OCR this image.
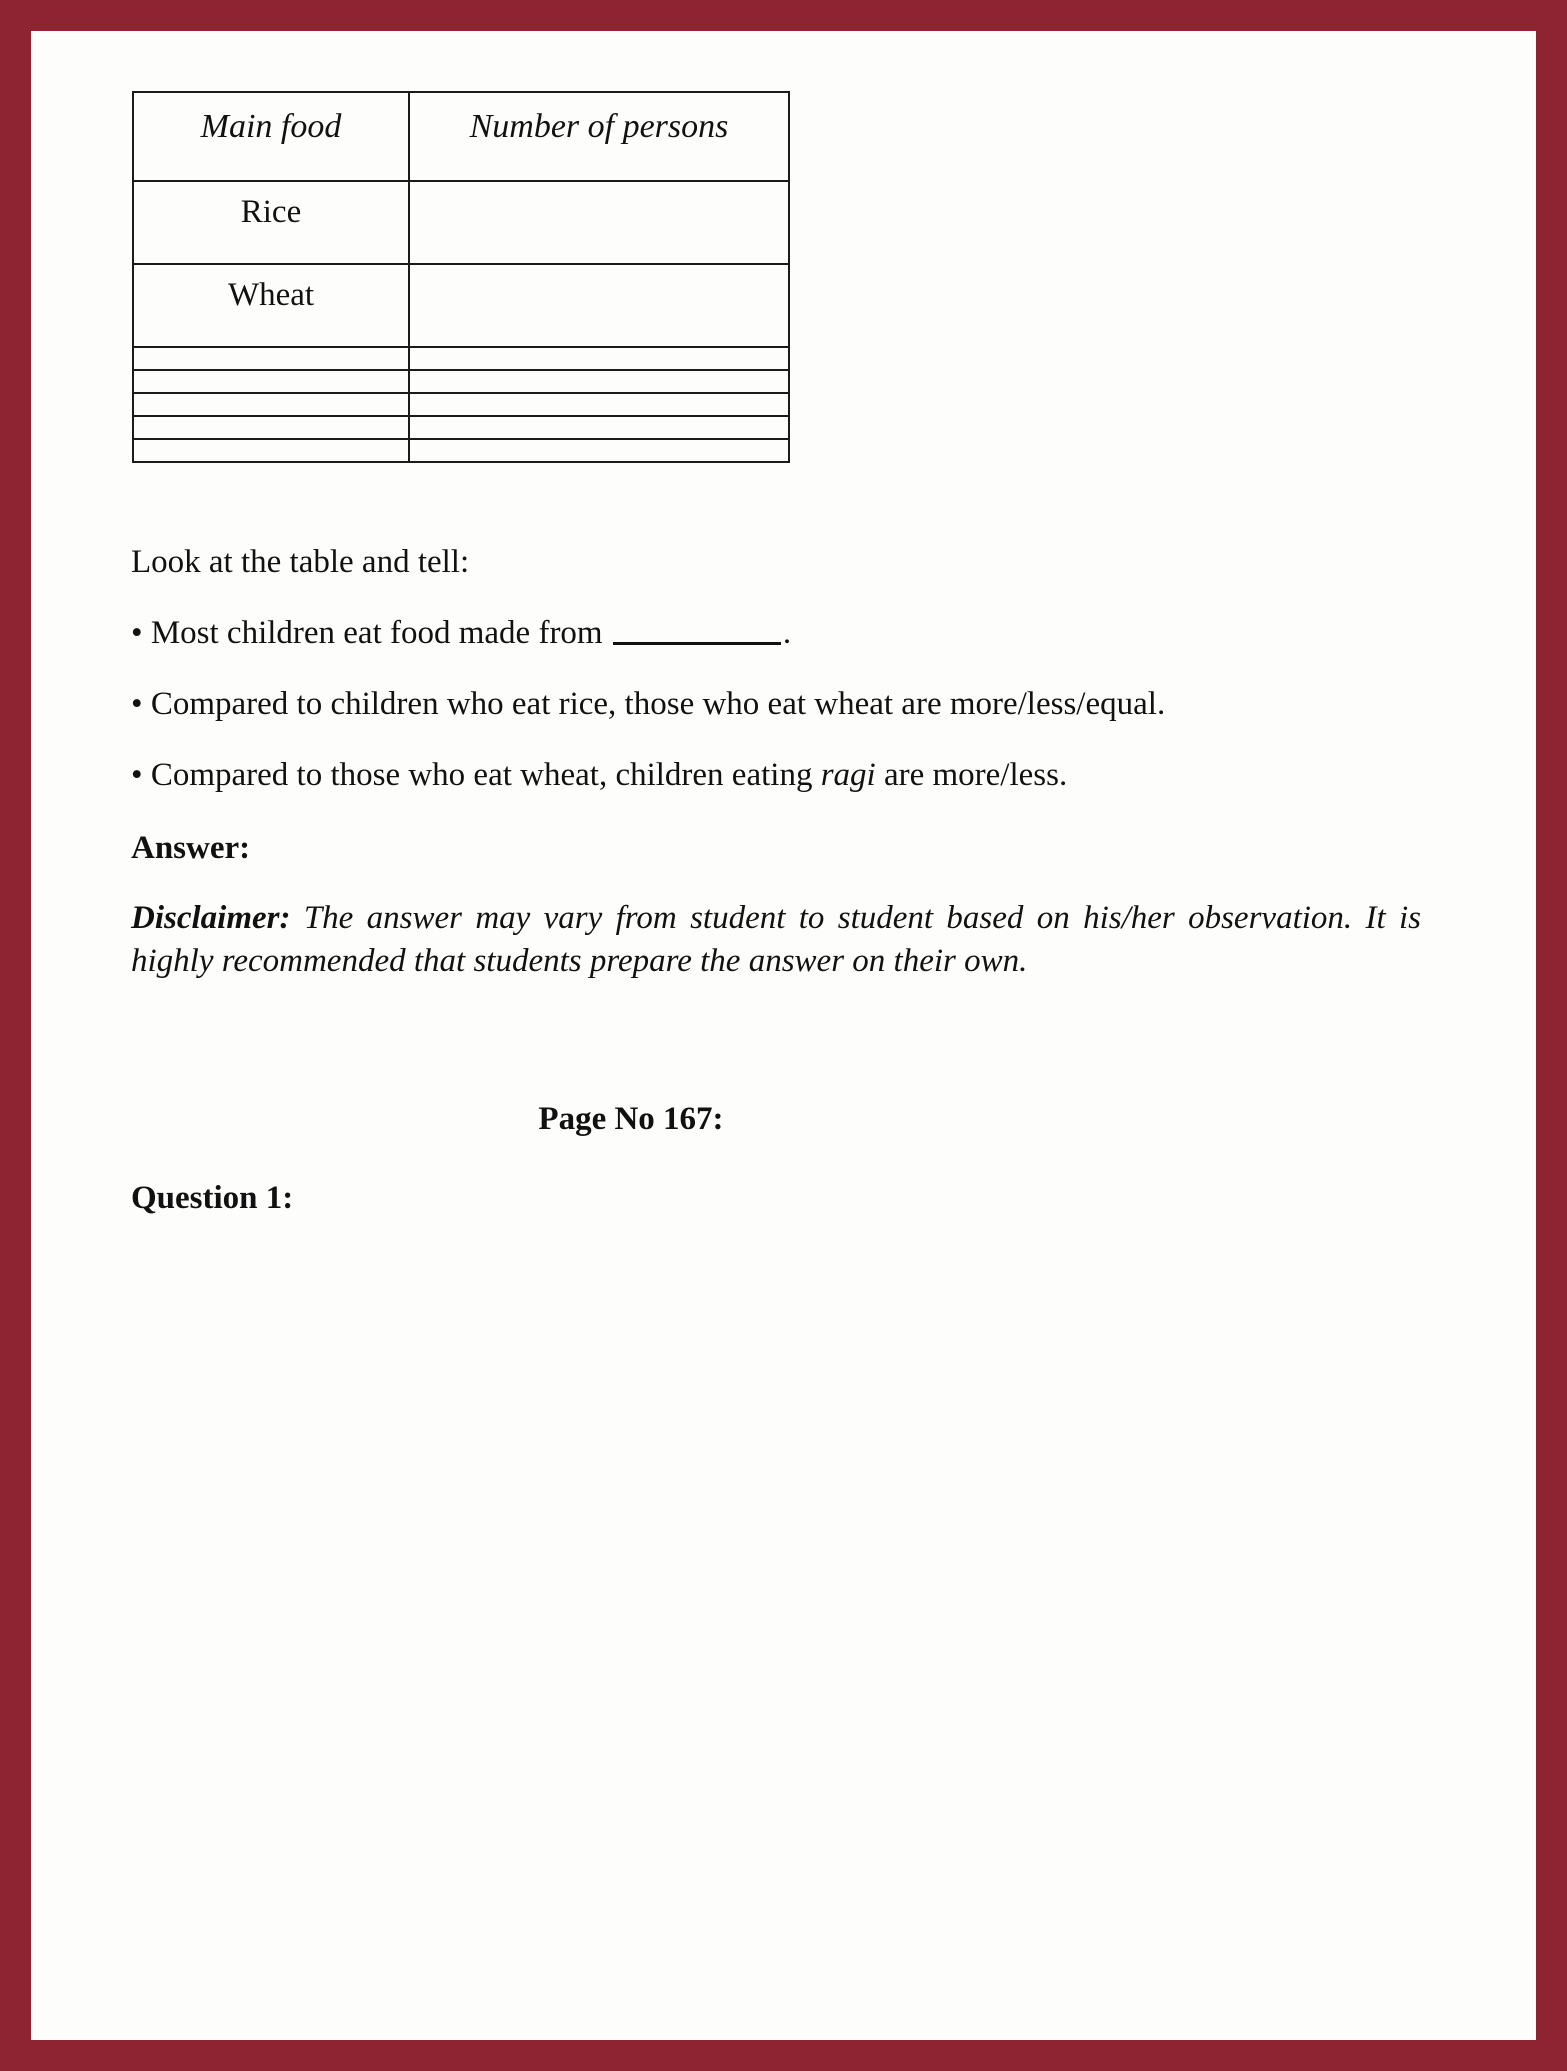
Main food	Number of persons
Rice	
Wheat	

Look at the table and tell:

• Most children eat food made from	.

• Compared to children who eat rice, those who eat wheat are more/less/equal.

• Compared to those who eat wheat, children eating ragi are more/less.

Answer:

Disclaimer: The answer may vary from student to student based on his/her observation. It is highly recommended that students prepare the answer on their own.

Page No 167:

Question 1:
